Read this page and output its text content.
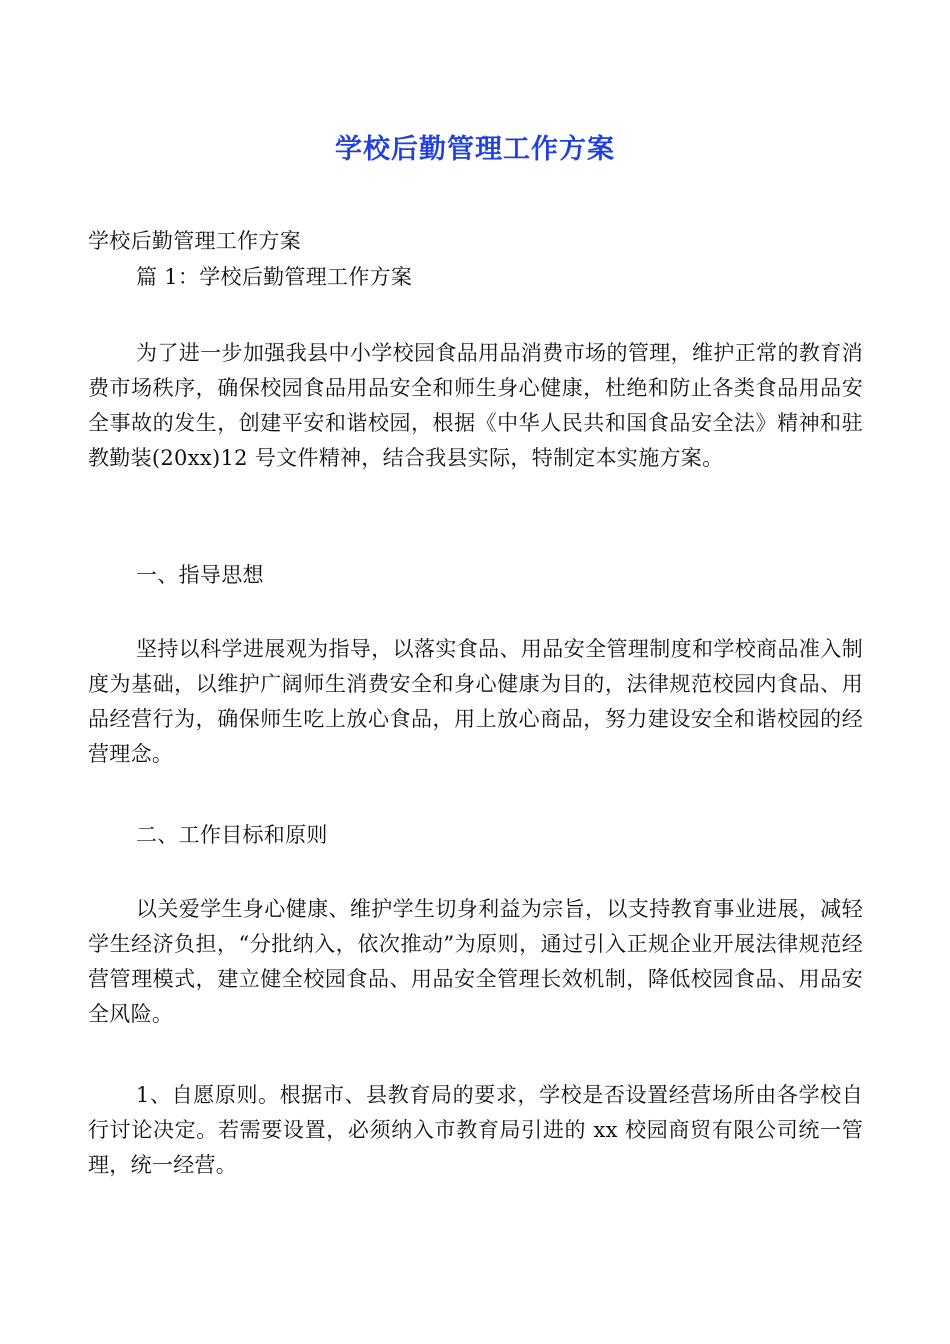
学校后勤管理工作方案

学校后勤管理工作方案

篇 1：学校后勤管理工作方案

为了进一步加强我县中小学校园食品用品消费市场的管理，维护正常的教育消费市场秩序，确保校园食品用品安全和师生身心健康，杜绝和防止各类食品用品安全事故的发生，创建平安和谐校园，根据《中华人民共和国食品安全法》精神和驻教勤装(20xx)12 号文件精神，结合我县实际，特制定本实施方案。

一、指导思想

坚持以科学进展观为指导，以落实食品、用品安全管理制度和学校商品准入制度为基础，以维护广阔师生消费安全和身心健康为目的，法律规范校园内食品、用品经营行为，确保师生吃上放心食品，用上放心商品，努力建设安全和谐校园的经营理念。

二、工作目标和原则

以关爱学生身心健康、维护学生切身利益为宗旨，以支持教育事业进展，减轻学生经济负担，“分批纳入，依次推动”为原则，通过引入正规企业开展法律规范经营管理模式，建立健全校园食品、用品安全管理长效机制，降低校园食品、用品安全风险。

1、自愿原则。根据市、县教育局的要求，学校是否设置经营场所由各学校自行讨论决定。若需要设置，必须纳入市教育局引进的 xx 校园商贸有限公司统一管理，统一经营。
